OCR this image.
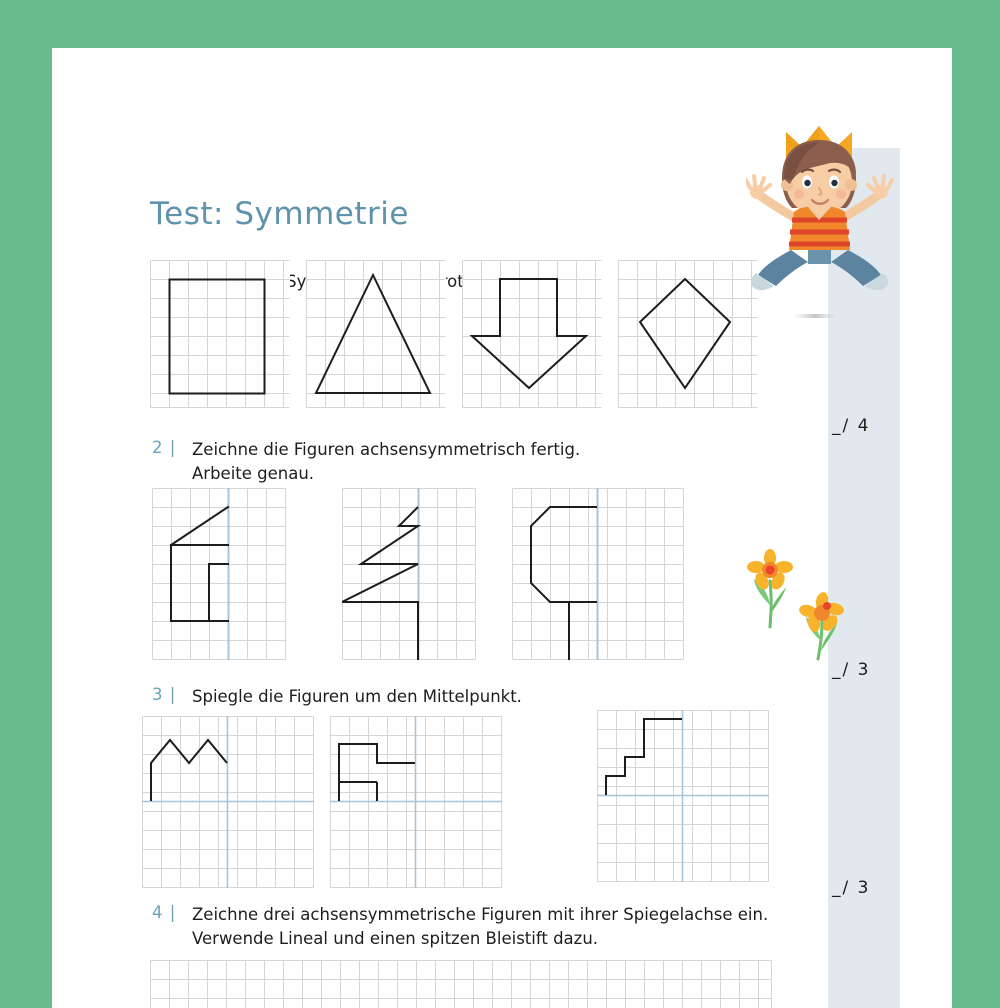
Test: Symmetrie
rot
_/ 4
2 | Zeichne die Figuren achsensymmetrisch fertig.
Arbeite genau.
_/ 3
3 | Spiegle die Figuren um den Mittelpunkt.
_/ 3
4 | Zeichne drei achsensymmetrische Figuren mit ihrer Spiegelachse ein.
Verwende Lineal und einen spitzen Bleistift dazu.
